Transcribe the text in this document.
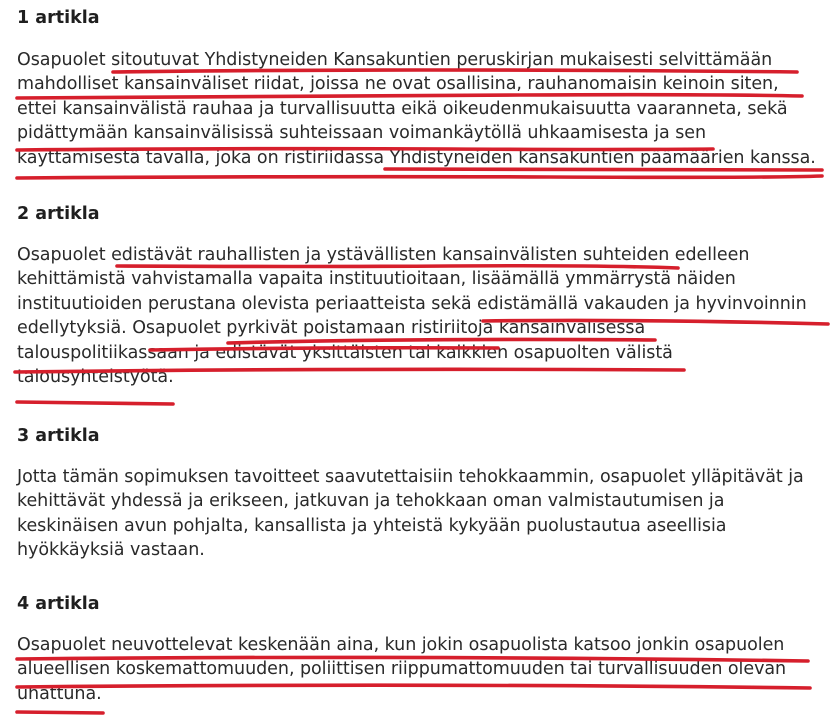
1 artikla

Osapuolet sitoutuvat Yhdistyneiden Kansakuntien peruskirjan mukaisesti selvittämään
mahdolliset kansainväliset riidat, joissa ne ovat osallisina, rauhanomaisin keinoin siten,
ettei kansainvälistä rauhaa ja turvallisuutta eikä oikeudenmukaisuutta vaaranneta, sekä
pidättymään kansainvälisissä suhteissaan voimankäytöllä uhkaamisesta ja sen
käyttämisestä tavalla, joka on ristiriidassa Yhdistyneiden kansakuntien päämäärien kanssa.

2 artikla

Osapuolet edistävät rauhallisten ja ystävällisten kansainvälisten suhteiden edelleen
kehittämistä vahvistamalla vapaita instituutioitaan, lisäämällä ymmärrystä näiden
instituutioiden perustana olevista periaatteista sekä edistämällä vakauden ja hyvinvoinnin
edellytyksiä. Osapuolet pyrkivät poistamaan ristiriitoja kansainvälisessä
talouspolitiikassaan ja edistävät yksittäisten tai kaikkien osapuolten välistä
talousyhteistyötä.

3 artikla

Jotta tämän sopimuksen tavoitteet saavutettaisiin tehokkaammin, osapuolet ylläpitävät ja
kehittävät yhdessä ja erikseen, jatkuvan ja tehokkaan oman valmistautumisen ja
keskinäisen avun pohjalta, kansallista ja yhteistä kykyään puolustautua aseellisia
hyökkäyksiä vastaan.

4 artikla

Osapuolet neuvottelevat keskenään aina, kun jokin osapuolista katsoo jonkin osapuolen
alueellisen koskemattomuuden, poliittisen riippumattomuuden tai turvallisuuden olevan
uhattuna.
